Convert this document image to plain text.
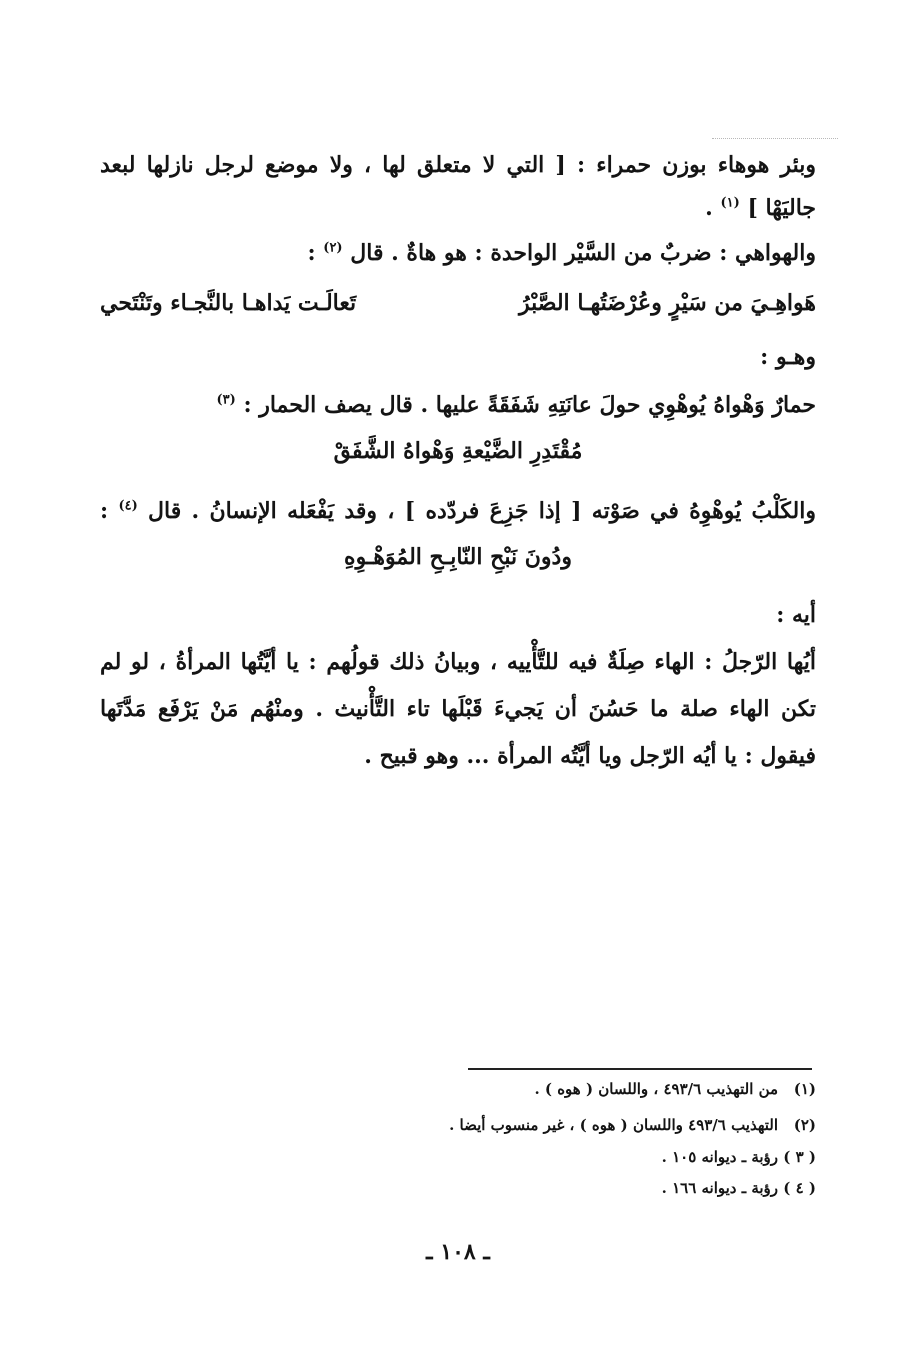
وبئر هوهاء بوزن حمراء : [ التي لا متعلق لها ، ولا موضع لرجل نازلها لبعد
جاليَهْا ] $^{(١)}$ .
والهواهي : ضربٌ من السَّيْر الواحدة : هو هاةٌ . قال $^{(٢)}$ :
هَواهِـيَ من سَيْرٍ وعُرْضَتُهـا الصَّبْرُ
تَعالَـت يَداهـا بالنَّجـاء وتَنْتَحي
وهـو :
حمارٌ وَهْواهُ يُوهْوِي حولَ عانَتِهِ شَفَقَةً عليها . قال يصف الحمار : $^{(٣)}$
مُقْتَدِرِ الضَّيْعةِ وَهْواهُ الشَّفَقْ
والكَلْبُ يُوهْوِهُ في صَوْته [ إذا جَزِعَ فردّده ] ، وقد يَفْعَله الإنسانُ . قال $^{(٤)}$ :
ودُونَ نَبْحِ النّابِـحِ المُوَهْـوِهِ
أيه :
أيُها الرّجلُ : الهاء صِلَةٌ فيه للتَّأْييه ، وبيانُ ذلك قولُهم : يا أيَّتُها المرأةُ ، لو لم
تكن الهاء صلة ما حَسُنَ أن يَجيءَ قَبْلَها تاء التَّأْنيث . ومنْهُم مَنْ يَرْفَع مَدَّتَها
فيقول : يا أيُه الرّجل ويا أيَّتُه المرأة ... وهو قبيح .
(١)   من التهذيب ٤٩٣/٦ ، واللسان ( هوه ) .
(٢)   التهذيب ٤٩٣/٦ واللسان ( هوه ) ، غير منسوب أيضا .
( ٣ ) رؤبة ـ ديوانه ١٠٥ .
( ٤ ) رؤبة ـ ديوانه ١٦٦ .
ـ ١٠٨ ـ
